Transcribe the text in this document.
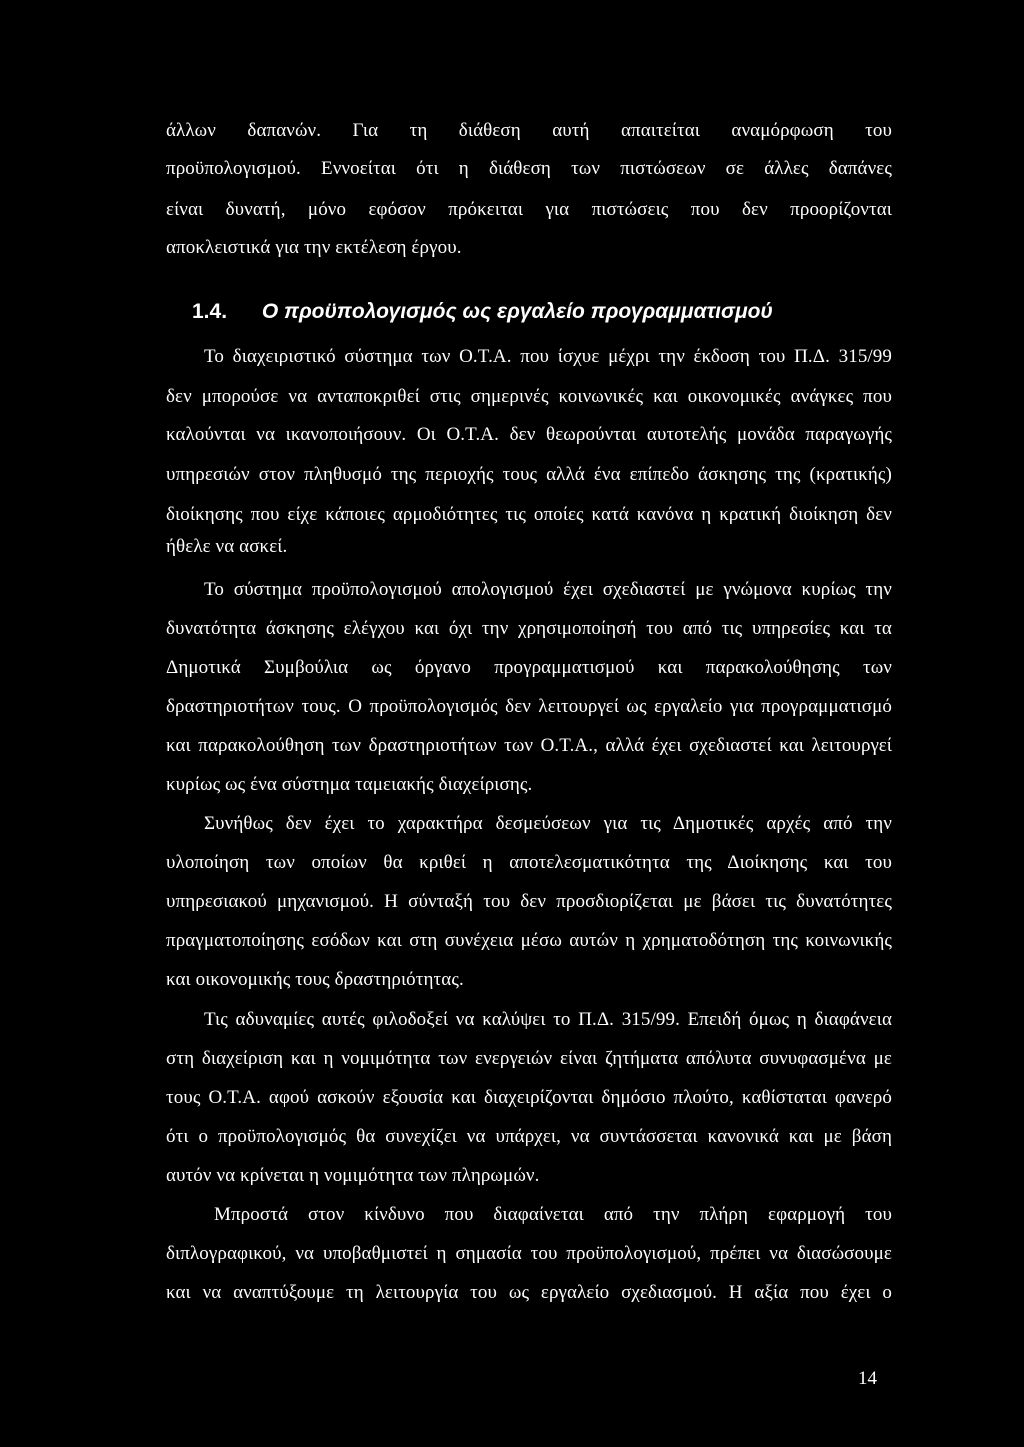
άλλων δαπανών. Για τη διάθεση αυτή απαιτείται αναμόρφωση του
προϋπολογισμού. Εννοείται ότι η διάθεση των πιστώσεων σε άλλες δαπάνες
είναι δυνατή, μόνο εφόσον πρόκειται για πιστώσεις που δεν προορίζονται
αποκλειστικά για την εκτέλεση έργου.
1.4. Ο προϋπολογισμός ως εργαλείο προγραμματισμού
Το διαχειριστικό σύστημα των Ο.Τ.Α. που ίσχυε μέχρι την έκδοση του Π.Δ. 315/99
δεν μπορούσε να ανταποκριθεί στις σημερινές κοινωνικές και οικονομικές ανάγκες που
καλούνται να ικανοποιήσουν. Οι Ο.Τ.Α. δεν θεωρούνται αυτοτελής μονάδα παραγωγής
υπηρεσιών στον πληθυσμό της περιοχής τους αλλά ένα επίπεδο άσκησης της (κρατικής)
διοίκησης που είχε κάποιες αρμοδιότητες τις οποίες κατά κανόνα η κρατική διοίκηση δεν
ήθελε να ασκεί.
Το σύστημα προϋπολογισμού απολογισμού έχει σχεδιαστεί με γνώμονα κυρίως την
δυνατότητα άσκησης ελέγχου και όχι την χρησιμοποίησή του από τις υπηρεσίες και τα
Δημοτικά Συμβούλια ως όργανο προγραμματισμού και παρακολούθησης των
δραστηριοτήτων τους. Ο προϋπολογισμός δεν λειτουργεί ως εργαλείο για προγραμματισμό
και παρακολούθηση των δραστηριοτήτων των Ο.Τ.Α., αλλά έχει σχεδιαστεί και λειτουργεί
κυρίως ως ένα σύστημα ταμειακής διαχείρισης.
Συνήθως δεν έχει το χαρακτήρα δεσμεύσεων για τις Δημοτικές αρχές από την
υλοποίηση των οποίων θα κριθεί η αποτελεσματικότητα της Διοίκησης και του
υπηρεσιακού μηχανισμού. Η σύνταξή του δεν προσδιορίζεται με βάσει τις δυνατότητες
πραγματοποίησης εσόδων και στη συνέχεια μέσω αυτών η χρηματοδότηση της κοινωνικής
και οικονομικής τους δραστηριότητας.
Τις αδυναμίες αυτές φιλοδοξεί να καλύψει το Π.Δ. 315/99. Επειδή όμως η διαφάνεια
στη διαχείριση και η νομιμότητα των ενεργειών είναι ζητήματα απόλυτα συνυφασμένα με
τους Ο.Τ.Α. αφού ασκούν εξουσία και διαχειρίζονται δημόσιο πλούτο, καθίσταται φανερό
ότι ο προϋπολογισμός θα συνεχίζει να υπάρχει, να συντάσσεται κανονικά και με βάση
αυτόν να κρίνεται η νομιμότητα των πληρωμών.
Μπροστά στον κίνδυνο που διαφαίνεται από την πλήρη εφαρμογή του
διπλογραφικού, να υποβαθμιστεί η σημασία του προϋπολογισμού, πρέπει να διασώσουμε
και να αναπτύξουμε τη λειτουργία του ως εργαλείο σχεδιασμού. Η αξία που έχει ο
14
